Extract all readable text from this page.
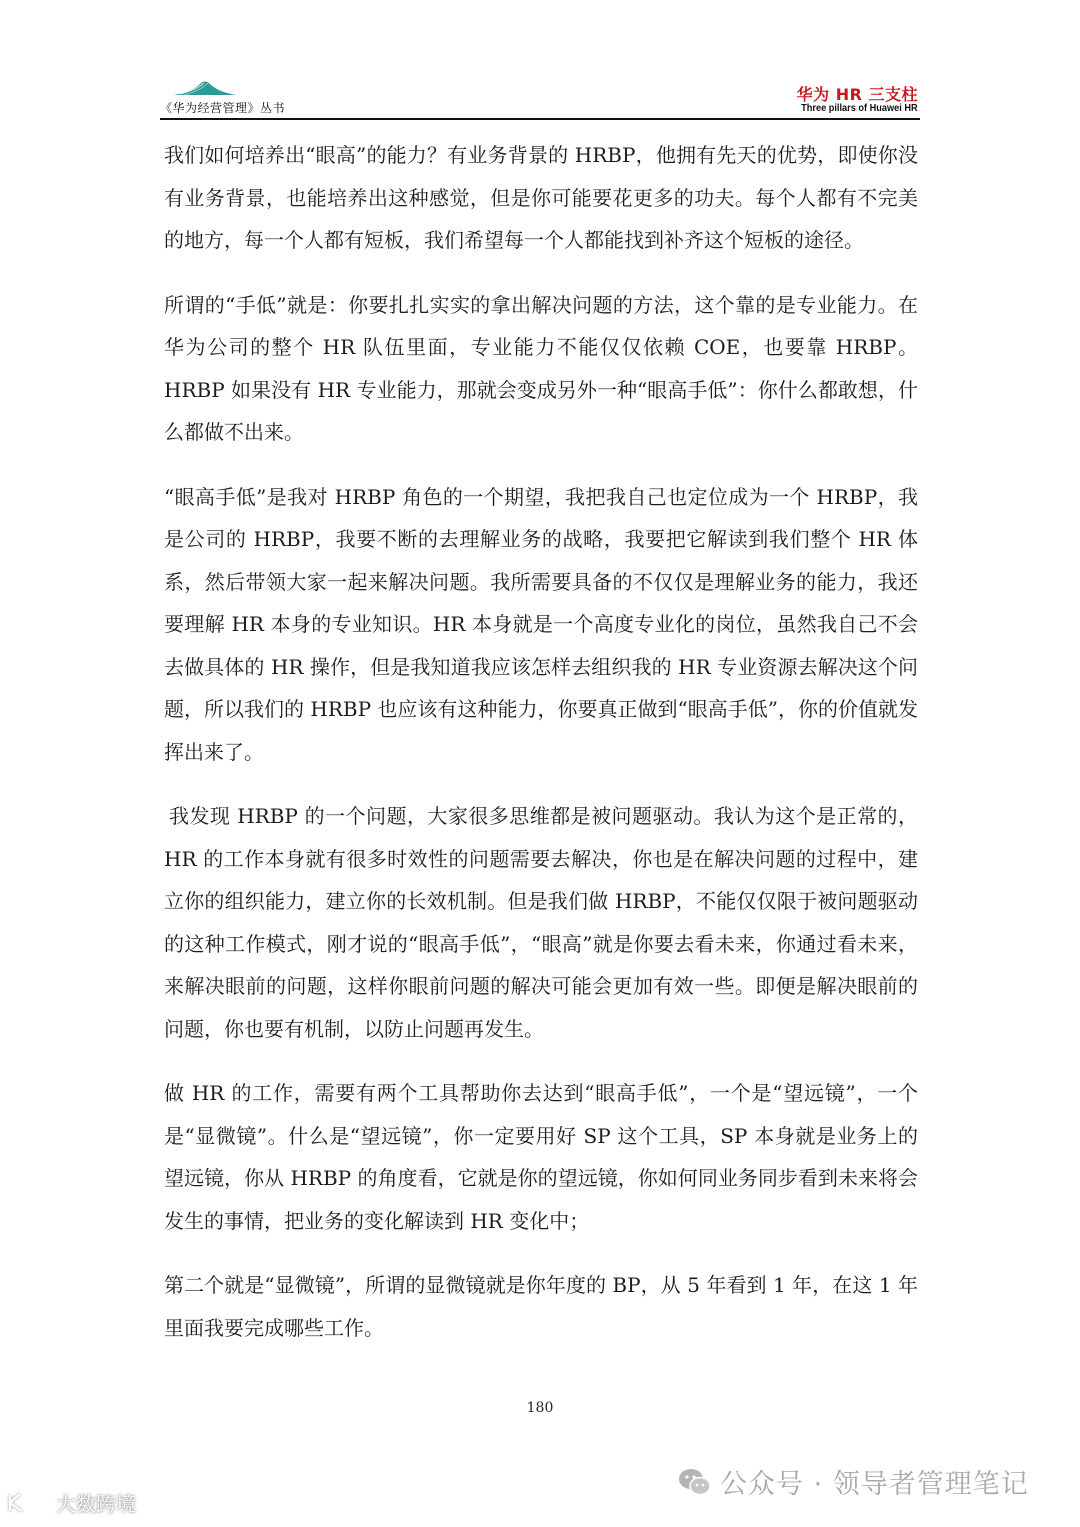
《华为经营管理》丛书
华为 HR 三支柱
Three pillars of Huawei HR

我们如何培养出“眼高”的能力？有业务背景的 HRBP，他拥有先天的优势，即使你没有业务背景，也能培养出这种感觉，但是你可能要花更多的功夫。每个人都有不完美的地方，每一个人都有短板，我们希望每一个人都能找到补齐这个短板的途径。

所谓的“手低”就是：你要扎扎实实的拿出解决问题的方法，这个靠的是专业能力。在华为公司的整个 HR 队伍里面，专业能力不能仅仅依赖 COE，也要靠 HRBP。HRBP 如果没有 HR 专业能力，那就会变成另外一种“眼高手低”：你什么都敢想，什么都做不出来。

“眼高手低”是我对 HRBP 角色的一个期望，我把我自己也定位成为一个 HRBP，我是公司的 HRBP，我要不断的去理解业务的战略，我要把它解读到我们整个 HR 体系，然后带领大家一起来解决问题。我所需要具备的不仅仅是理解业务的能力，我还要理解 HR 本身的专业知识。HR 本身就是一个高度专业化的岗位，虽然我自己不会去做具体的 HR 操作，但是我知道我应该怎样去组织我的 HR 专业资源去解决这个问题，所以我们的 HRBP 也应该有这种能力，你要真正做到“眼高手低”，你的价值就发挥出来了。

我发现 HRBP 的一个问题，大家很多思维都是被问题驱动。我认为这个是正常的，HR 的工作本身就有很多时效性的问题需要去解决，你也是在解决问题的过程中，建立你的组织能力，建立你的长效机制。但是我们做 HRBP，不能仅仅限于被问题驱动的这种工作模式，刚才说的“眼高手低”，“眼高”就是你要去看未来，你通过看未来，来解决眼前的问题，这样你眼前问题的解决可能会更加有效一些。即便是解决眼前的问题，你也要有机制，以防止问题再发生。

做 HR 的工作，需要有两个工具帮助你去达到“眼高手低”，一个是“望远镜”，一个是“显微镜”。什么是“望远镜”，你一定要用好 SP 这个工具，SP 本身就是业务上的望远镜，你从 HRBP 的角度看，它就是你的望远镜，你如何同业务同步看到未来将会发生的事情，把业务的变化解读到 HR 变化中；

第二个就是“显微镜”，所谓的显微镜就是你年度的 BP，从 5 年看到 1 年，在这 1 年里面我要完成哪些工作。

180
公众号 · 领导者管理笔记
大数跨境
